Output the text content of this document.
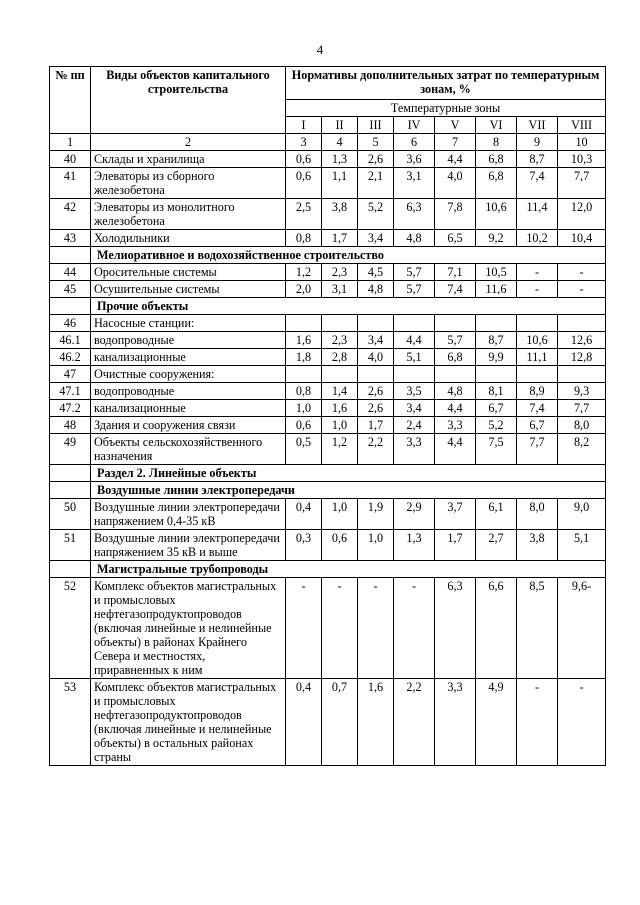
4
№ пп	Виды объектов капитального строительства	Нормативы дополнительных затрат по температурным зонам, %							
		Температурные зоны							
		I	II	III	IV	V	VI	VII	VIII
1	2	3	4	5	6	7	8	9	10
40	Склады и хранилища	0,6	1,3	2,6	3,6	4,4	6,8	8,7	10,3
41	Элеваторы из сборного железобетона	0,6	1,1	2,1	3,1	4,0	6,8	7,4	7,7
42	Элеваторы из монолитного железобетона	2,5	3,8	5,2	6,3	7,8	10,6	11,4	12,0
43	Холодильники	0,8	1,7	3,4	4,8	6,5	9,2	10,2	10,4
	Мелиоративное и водохозяйственное строительство								
44	Оросительные системы	1,2	2,3	4,5	5,7	7,1	10,5	-	-
45	Осушительные системы	2,0	3,1	4,8	5,7	7,4	11,6	-	-
	Прочие объекты								
46	Насосные станции:								
46.1	водопроводные	1,6	2,3	3,4	4,4	5,7	8,7	10,6	12,6
46.2	канализационные	1,8	2,8	4,0	5,1	6,8	9,9	11,1	12,8
47	Очистные сооружения:								
47.1	водопроводные	0,8	1,4	2,6	3,5	4,8	8,1	8,9	9,3
47.2	канализационные	1,0	1,6	2,6	3,4	4,4	6,7	7,4	7,7
48	Здания и сооружения связи	0,6	1,0	1,7	2,4	3,3	5,2	6,7	8,0
49	Объекты сельскохозяйственного назначения	0,5	1,2	2,2	3,3	4,4	7,5	7,7	8,2
	Раздел 2. Линейные объекты								
	Воздушные линии электропередачи								
50	Воздушные линии электропередачи напряжением 0,4-35 кВ	0,4	1,0	1,9	2,9	3,7	6,1	8,0	9,0
51	Воздушные линии электропередачи напряжением 35 кВ и выше	0,3	0,6	1,0	1,3	1,7	2,7	3,8	5,1
	Магистральные трубопроводы								
52	Комплекс объектов магистральных и промысловых нефтегазопродуктопроводов (включая линейные и нелинейные объекты) в районах Крайнего Севера и местностях, приравненных к ним	-	-	-	-	6,3	6,6	8,5	9,6-
53	Комплекс объектов магистральных и промысловых нефтегазопродуктопроводов (включая линейные и нелинейные объекты) в остальных районах страны	0,4	0,7	1,6	2,2	3,3	4,9	-	-
